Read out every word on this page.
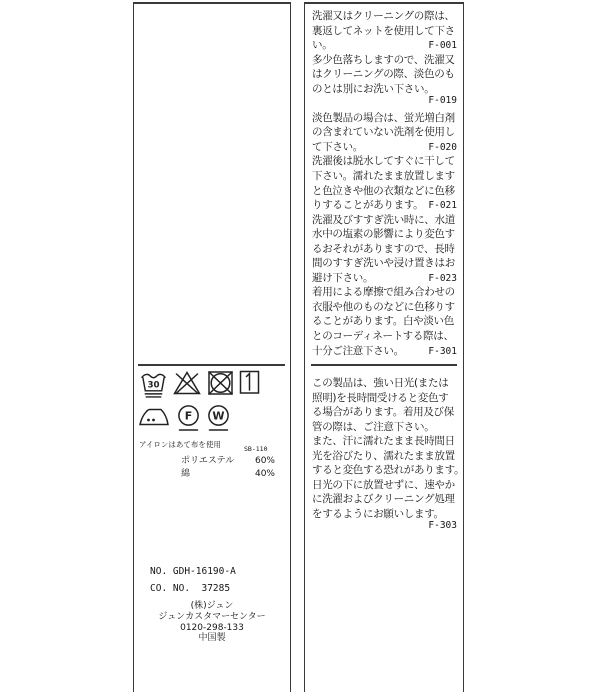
30
F W
アイロンはあて布を使用	SB-110
ポリエステル 60%
綿	40%
NO. GDH-16190-A
CO. NO.  37285
(株)ジュン
ジュンカスタマーセンター
0120-298-133
中国製
洗濯又はクリーニングの際は、
裏返してネットを使用して下さ
い。	F-001
多少色落ちしますので、洗濯又
はクリーニングの際、淡色のも
のとは別にお洗い下さい。
F-019
淡色製品の場合は、蛍光増白剤
の含まれていない洗剤を使用し
て下さい。	F-020
洗濯後は脱水してすぐに干して
下さい。濡れたまま放置します
と色泣きや他の衣類などに色移
りすることがあります。 F-021
洗濯及びすすぎ洗い時に、水道
水中の塩素の影響により変色す
るおそれがありますので、長時
間のすすぎ洗いや浸け置きはお
避け下さい。	F-023
着用による摩擦で組み合わせの
衣服や他のものなどに色移りす
ることがあります。白や淡い色
とのコーディネートする際は、
十分ご注意下さい。	F-301
この製品は、強い日光(または
照明)を長時間受けると変色す
る場合があります。着用及び保
管の際は、ご注意下さい。
また、汗に濡れたまま長時間日
光を浴びたり、濡れたまま放置
すると変色する恐れがあります。
日光の下に放置せずに、速やか
に洗濯およびクリーニング処理
をするようにお願いします。
F-303
